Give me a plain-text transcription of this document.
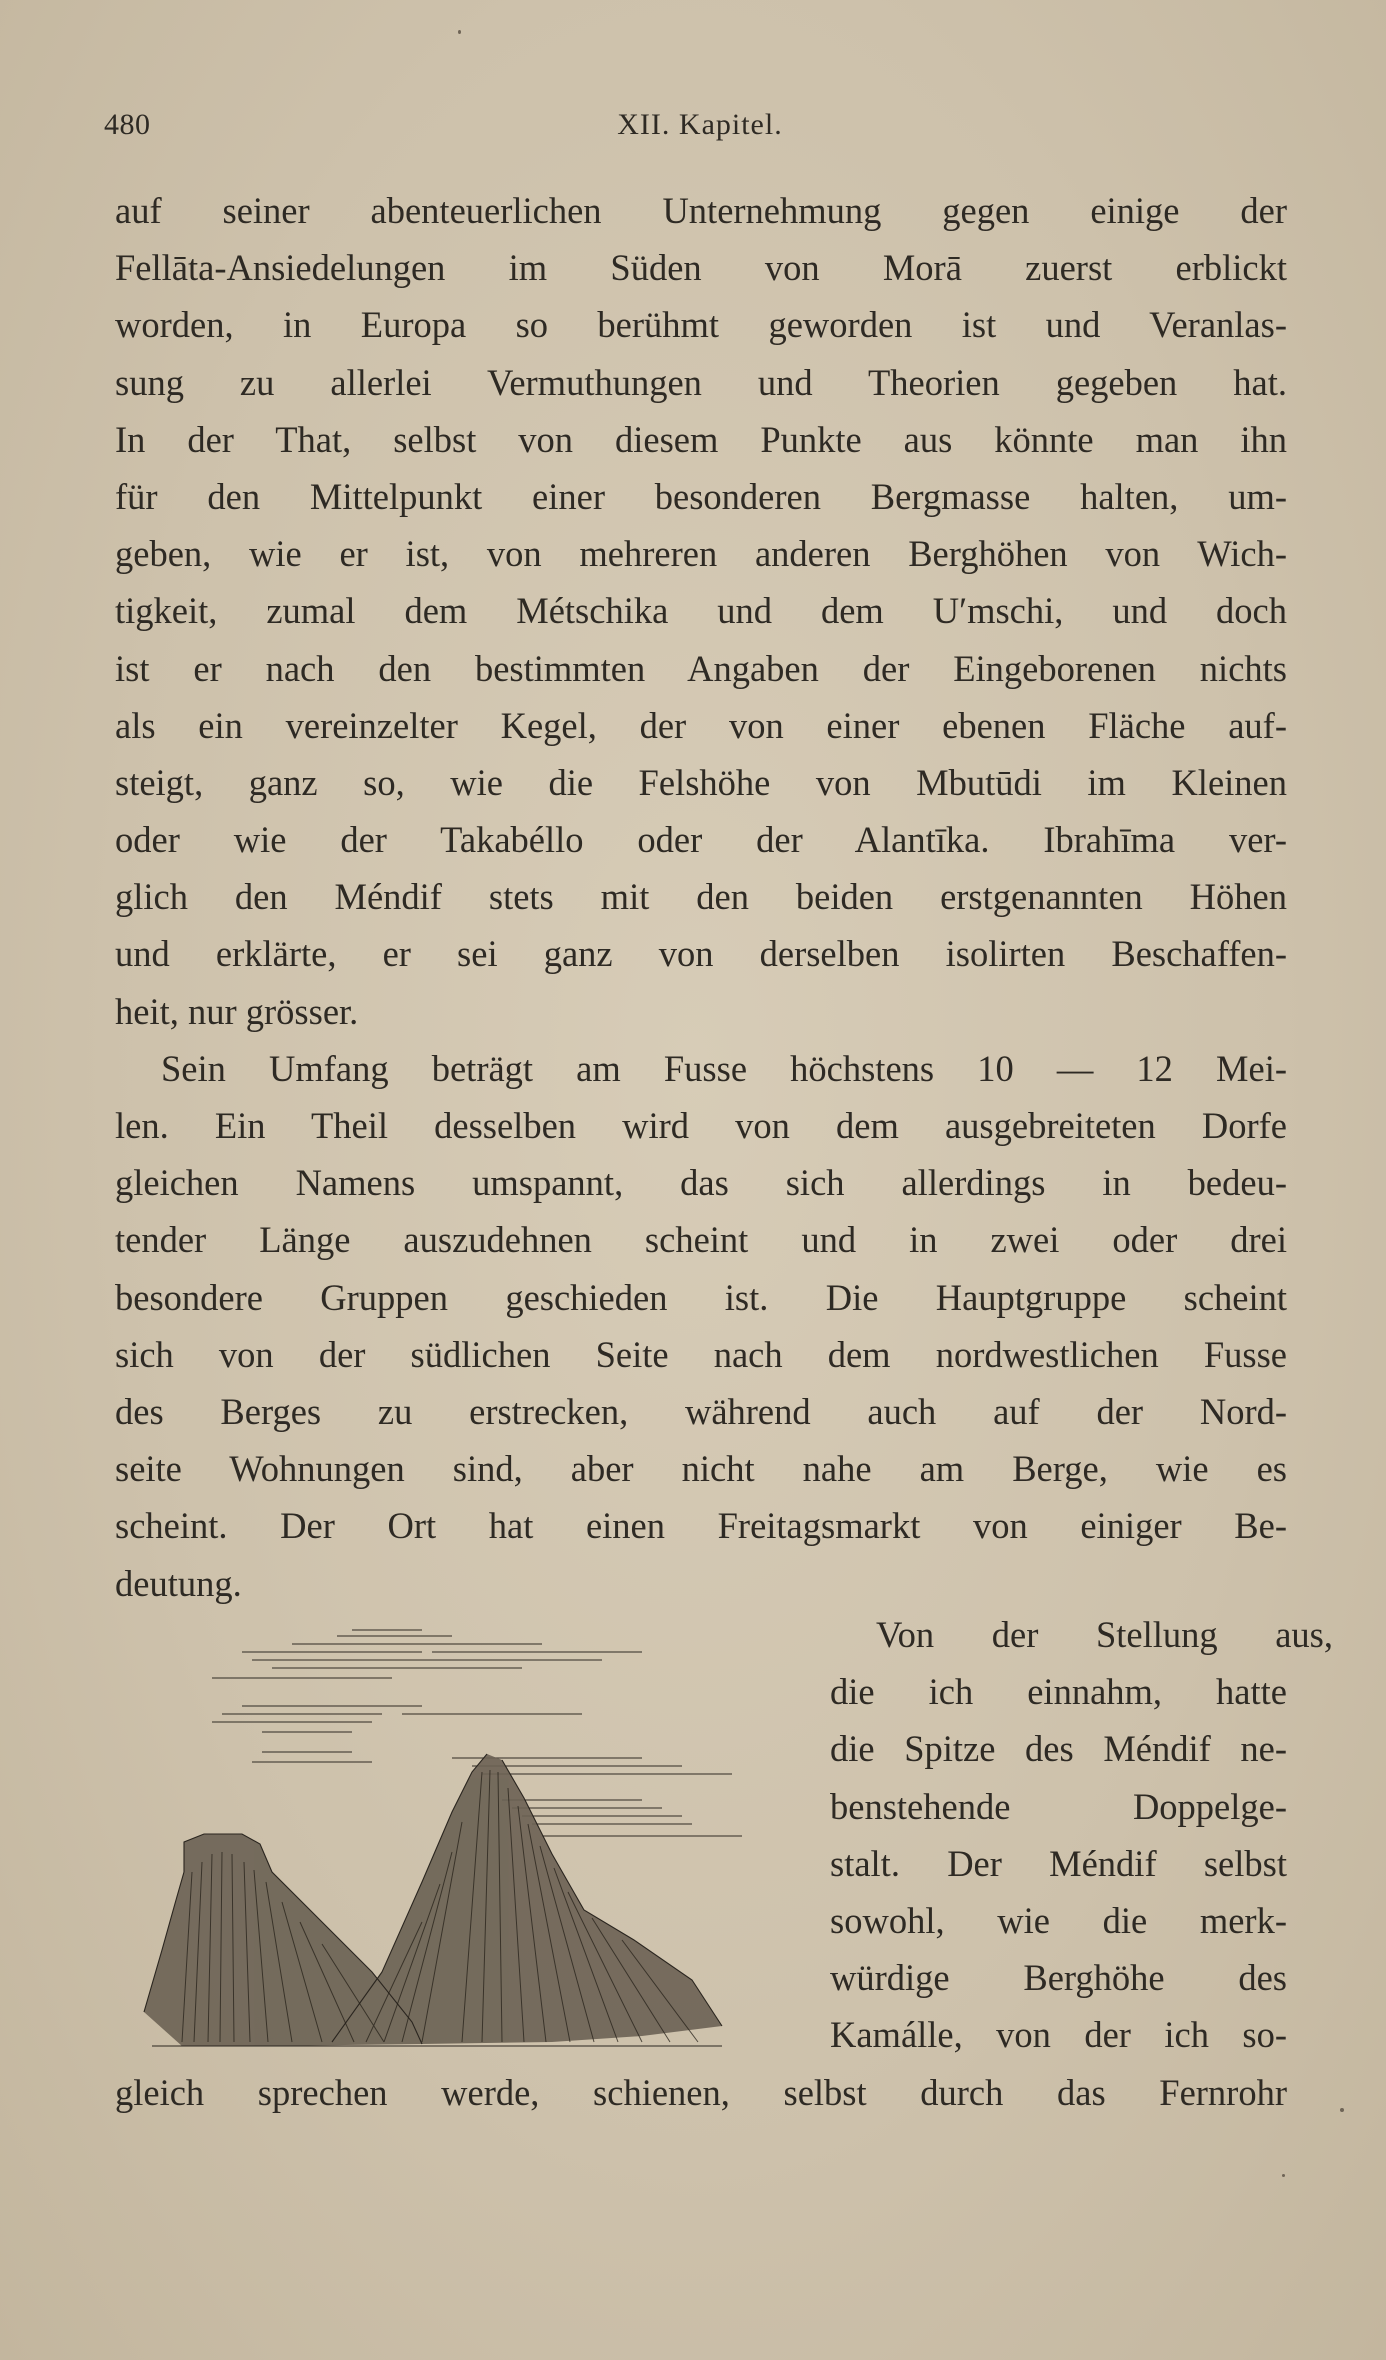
480	XII. Kapitel.
auf seiner abenteuerlichen Unternehmung gegen einige der
Fellāta-Ansiedelungen im Süden von Morā zuerst erblickt
worden, in Europa so berühmt geworden ist und Veranlas-
sung zu allerlei Vermuthungen und Theorien gegeben hat.
In der That, selbst von diesem Punkte aus könnte man ihn
für den Mittelpunkt einer besonderen Bergmasse halten, um-
geben, wie er ist, von mehreren anderen Berghöhen von Wich-
tigkeit, zumal dem Métschika und dem U′mschi, und doch
ist er nach den bestimmten Angaben der Eingeborenen nichts
als ein vereinzelter Kegel, der von einer ebenen Fläche auf-
steigt, ganz so, wie die Felshöhe von Mbutūdi im Kleinen
oder wie der Takabéllo oder der Alantīka. Ibrahīma ver-
glich den Méndif stets mit den beiden erstgenannten Höhen
und erklärte, er sei ganz von derselben isolirten Beschaffen-
heit, nur grösser.
Sein Umfang beträgt am Fusse höchstens 10 — 12 Mei-
len. Ein Theil desselben wird von dem ausgebreiteten Dorfe
gleichen Namens umspannt, das sich allerdings in bedeu-
tender Länge auszudehnen scheint und in zwei oder drei
besondere Gruppen geschieden ist. Die Hauptgruppe scheint
sich von der südlichen Seite nach dem nordwestlichen Fusse
des Berges zu erstrecken, während auch auf der Nord-
seite Wohnungen sind, aber nicht nahe am Berge, wie es
scheint. Der Ort hat einen Freitagsmarkt von einiger Be-
deutung.
Von der Stellung aus,
die ich einnahm, hatte
die Spitze des Méndif ne-
benstehende Doppelge-
stalt. Der Méndif selbst
sowohl, wie die merk-
würdige Berghöhe des
Kamálle, von der ich so-
gleich sprechen werde, schienen, selbst durch das Fernrohr
